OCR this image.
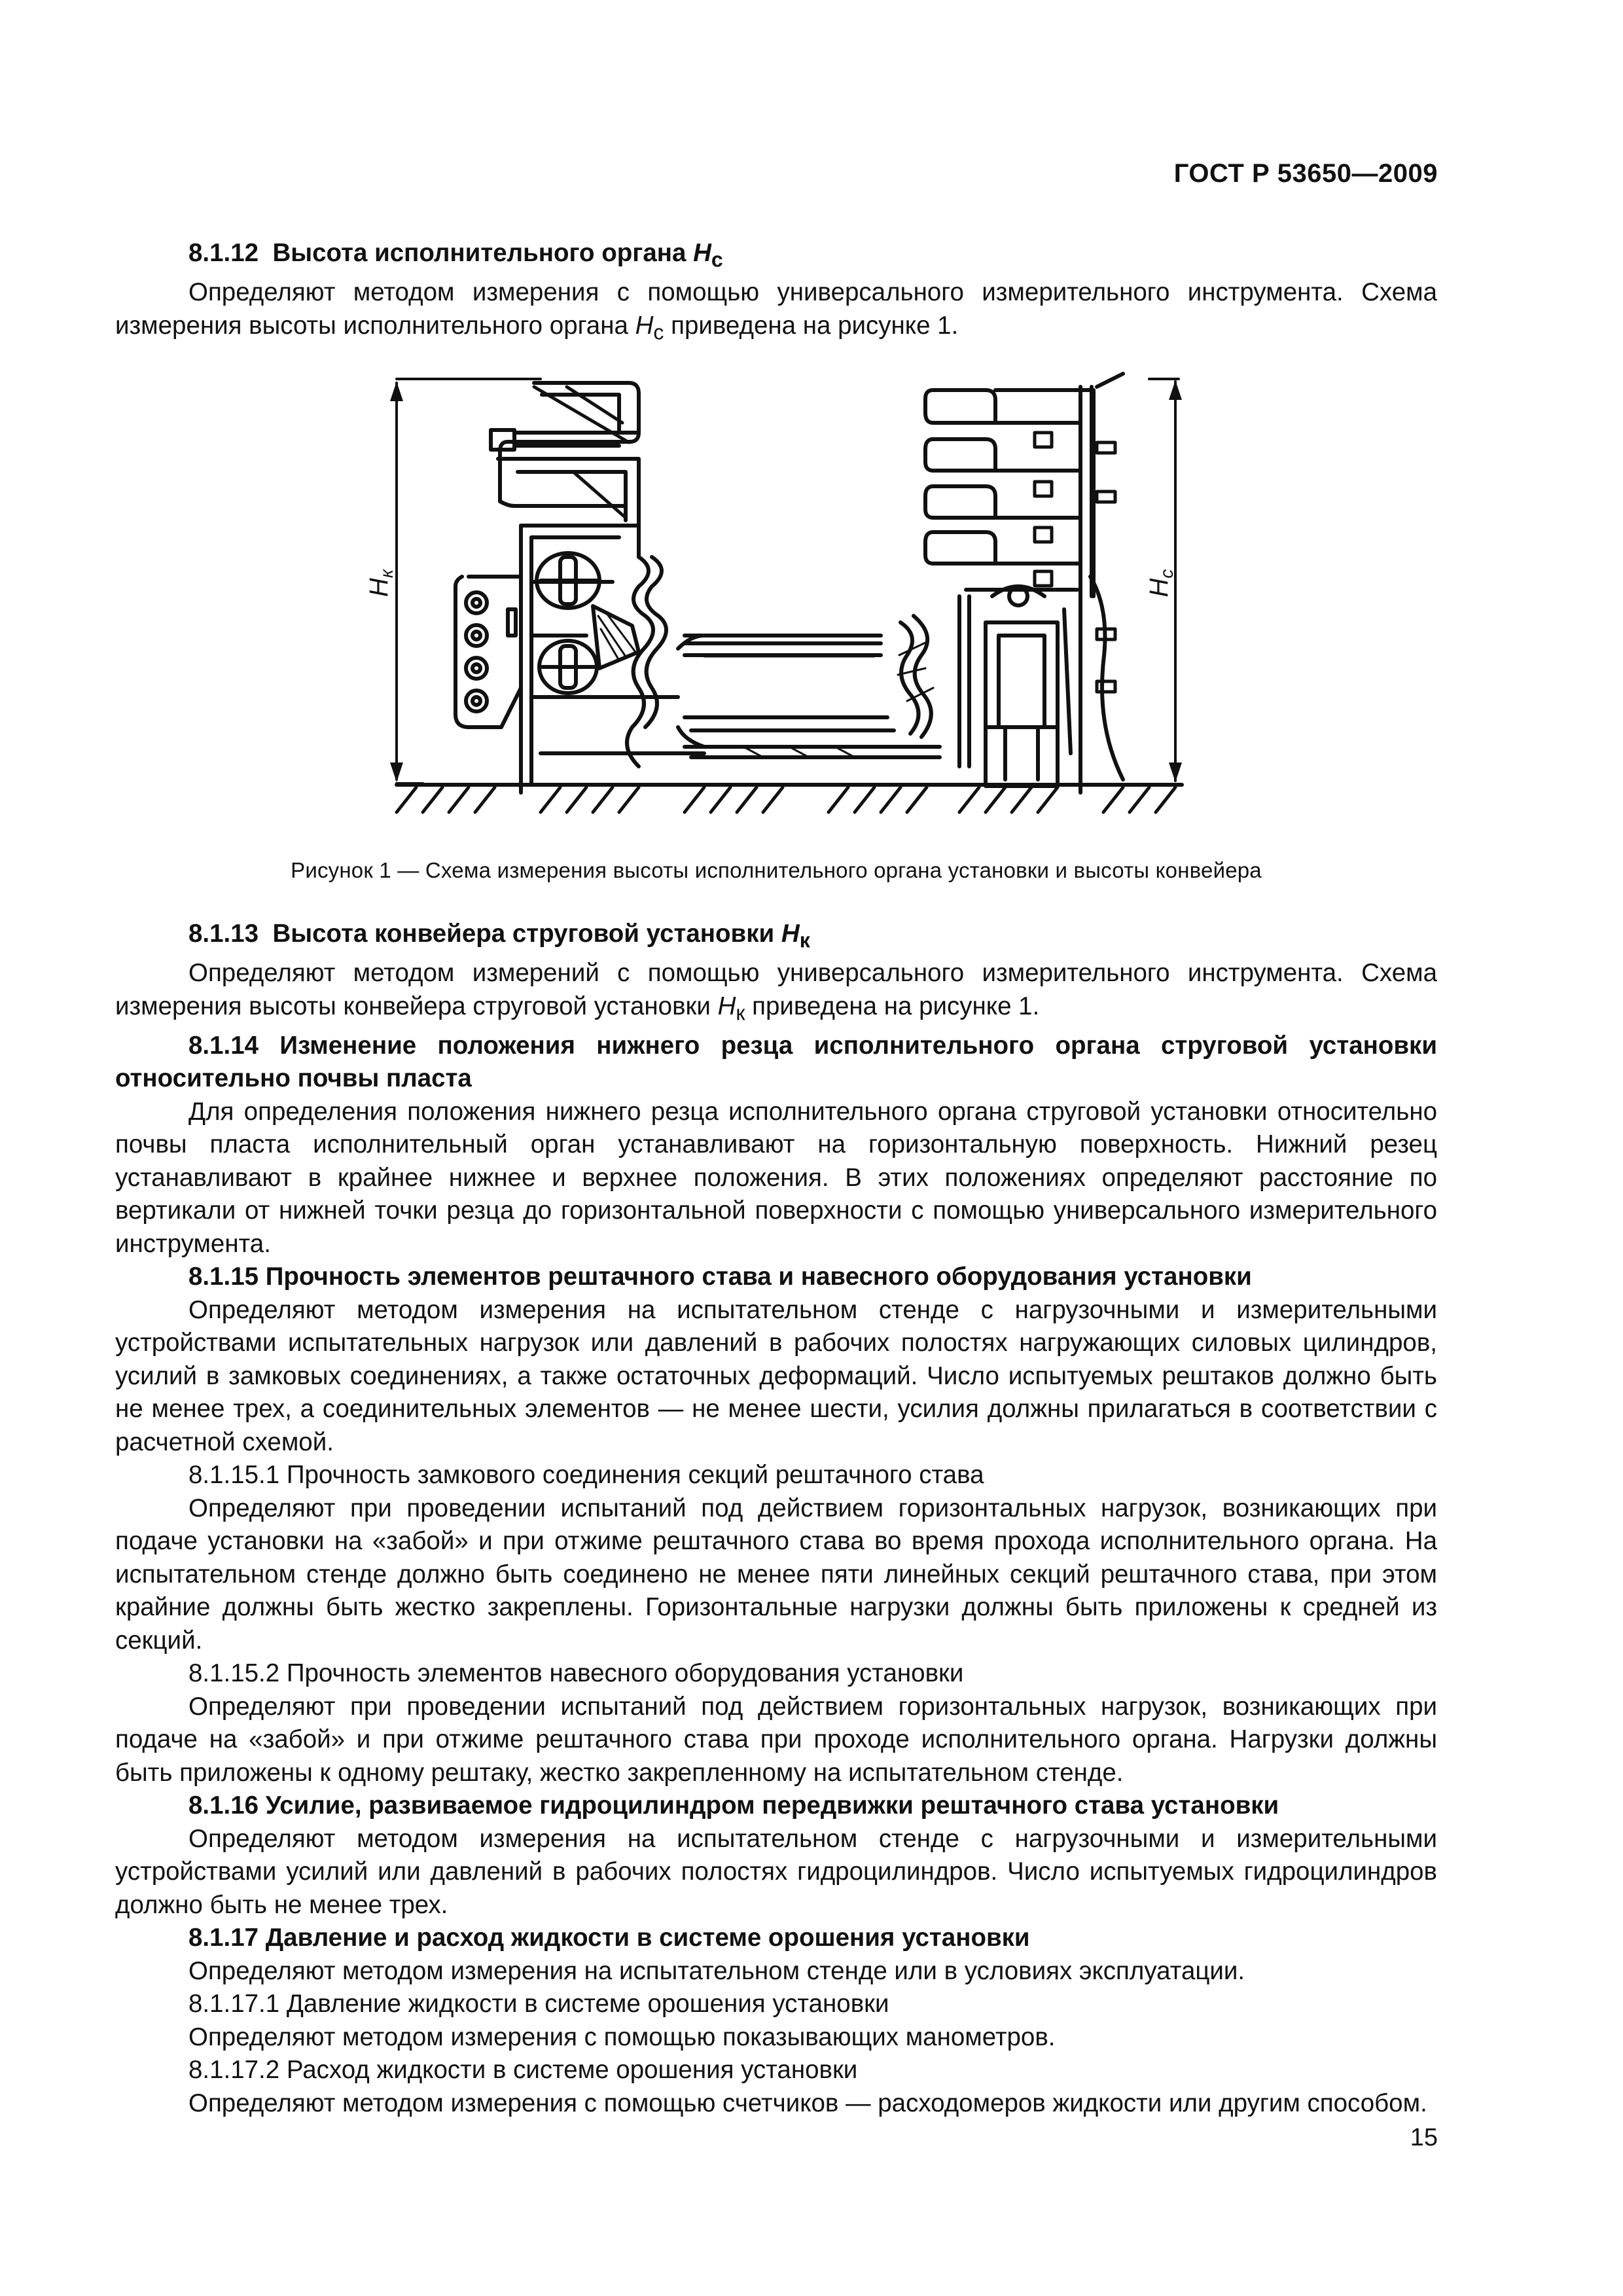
ГОСТ Р 53650—2009

8.1.12 Высота исполнительного органа $H_с$

Определяют методом измерения с помощью универсального измерительного инструмента. Схема измерения высоты исполнительного органа $H_с$ приведена на рисунке 1.

$H_к$
$H_с$
Рисунок 1 — Схема измерения высоты исполнительного органа установки и высоты конвейера

8.1.13 Высота конвейера струговой установки $H_к$

Определяют методом измерений с помощью универсального измерительного инструмента. Схема измерения высоты конвейера струговой установки $H_к$ приведена на рисунке 1.

8.1.14 Изменение положения нижнего резца исполнительного органа струговой установки относительно почвы пласта

Для определения положения нижнего резца исполнительного органа струговой установки относительно почвы пласта исполнительный орган устанавливают на горизонтальную поверхность. Нижний резец устанавливают в крайнее нижнее и верхнее положения. В этих положениях определяют расстояние по вертикали от нижней точки резца до горизонтальной поверхности с помощью универсального измерительного инструмента.

8.1.15 Прочность элементов рештачного става и навесного оборудования установки

Определяют методом измерения на испытательном стенде с нагрузочными и измерительными устройствами испытательных нагрузок или давлений в рабочих полостях нагружающих силовых цилиндров, усилий в замковых соединениях, а также остаточных деформаций. Число испытуемых рештаков должно быть не менее трех, а соединительных элементов — не менее шести, усилия должны прилагаться в соответствии с расчетной схемой.

8.1.15.1 Прочность замкового соединения секций рештачного става

Определяют при проведении испытаний под действием горизонтальных нагрузок, возникающих при подаче установки на «забой» и при отжиме рештачного става во время прохода исполнительного органа. На испытательном стенде должно быть соединено не менее пяти линейных секций рештачного става, при этом крайние должны быть жестко закреплены. Горизонтальные нагрузки должны быть приложены к средней из секций.

8.1.15.2 Прочность элементов навесного оборудования установки

Определяют при проведении испытаний под действием горизонтальных нагрузок, возникающих при подаче на «забой» и при отжиме рештачного става при проходе исполнительного органа. Нагрузки должны быть приложены к одному рештаку, жестко закрепленному на испытательном стенде.

8.1.16 Усилие, развиваемое гидроцилиндром передвижки рештачного става установки

Определяют методом измерения на испытательном стенде с нагрузочными и измерительными устройствами усилий или давлений в рабочих полостях гидроцилиндров. Число испытуемых гидроцилиндров должно быть не менее трех.

8.1.17 Давление и расход жидкости в системе орошения установки

Определяют методом измерения на испытательном стенде или в условиях эксплуатации.

8.1.17.1 Давление жидкости в системе орошения установки

Определяют методом измерения с помощью показывающих манометров.

8.1.17.2 Расход жидкости в системе орошения установки

Определяют методом измерения с помощью счетчиков — расходомеров жидкости или другим способом.

15
